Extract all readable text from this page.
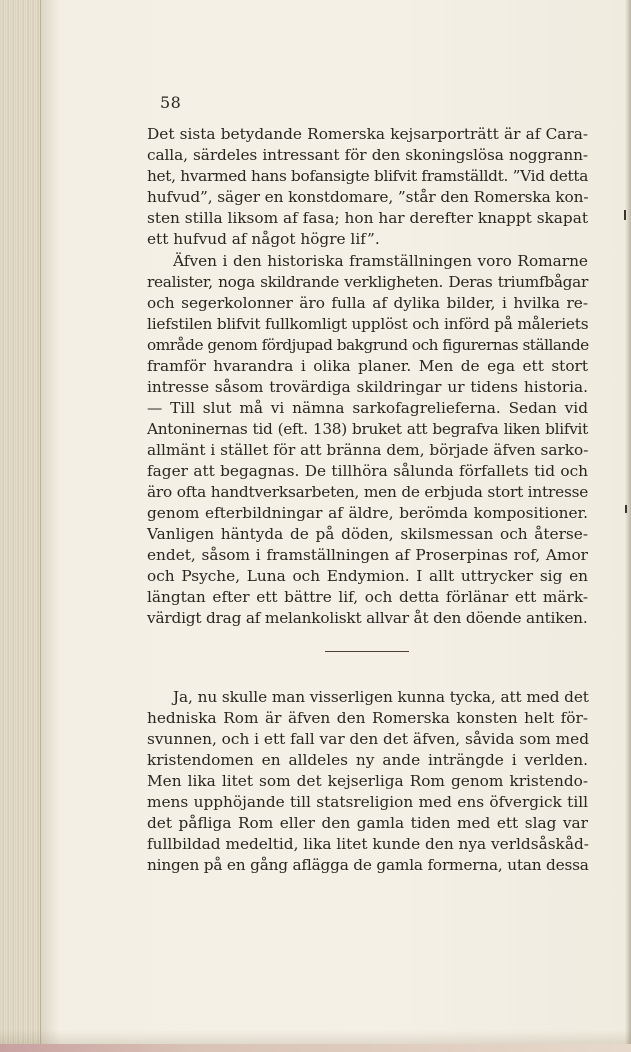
58
Det sista betydande Romerska kejsarporträtt är af Cara-
calla, särdeles intressant för den skoningslösa noggrann-
het, hvarmed hans bofansigte blifvit framställdt. ”Vid detta
hufvud”, säger en konstdomare, ”står den Romerska kon-
sten stilla liksom af fasa; hon har derefter knappt skapat
ett hufvud af något högre lif”.
Äfven i den historiska framställningen voro Romarne
realister, noga skildrande verkligheten. Deras triumfbågar
och segerkolonner äro fulla af dylika bilder, i hvilka re-
liefstilen blifvit fullkomligt upplöst och införd på måleriets
område genom fördjupad bakgrund och figurernas ställande
framför hvarandra i olika planer. Men de ega ett stort
intresse såsom trovärdiga skildringar ur tidens historia.
— Till slut må vi nämna sarkofagrelieferna. Sedan vid
Antoninernas tid (eft. 138) bruket att begrafva liken blifvit
allmänt i stället för att bränna dem, började äfven sarko-
fager att begagnas. De tillhöra sålunda förfallets tid och
äro ofta handtverksarbeten, men de erbjuda stort intresse
genom efterbildningar af äldre, berömda kompositioner.
Vanligen häntyda de på döden, skilsmessan och återse-
endet, såsom i framställningen af Proserpinas rof, Amor
och Psyche, Luna och Endymion. I allt uttrycker sig en
längtan efter ett bättre lif, och detta förlänar ett märk-
värdigt drag af melankoliskt allvar åt den döende antiken.
Ja, nu skulle man visserligen kunna tycka, att med det
hedniska Rom är äfven den Romerska konsten helt för-
svunnen, och i ett fall var den det äfven, såvida som med
kristendomen en alldeles ny ande inträngde i verlden.
Men lika litet som det kejserliga Rom genom kristendo-
mens upphöjande till statsreligion med ens öfvergick till
det påfliga Rom eller den gamla tiden med ett slag var
fullbildad medeltid, lika litet kunde den nya verldsåskåd-
ningen på en gång aflägga de gamla formerna, utan dessa
